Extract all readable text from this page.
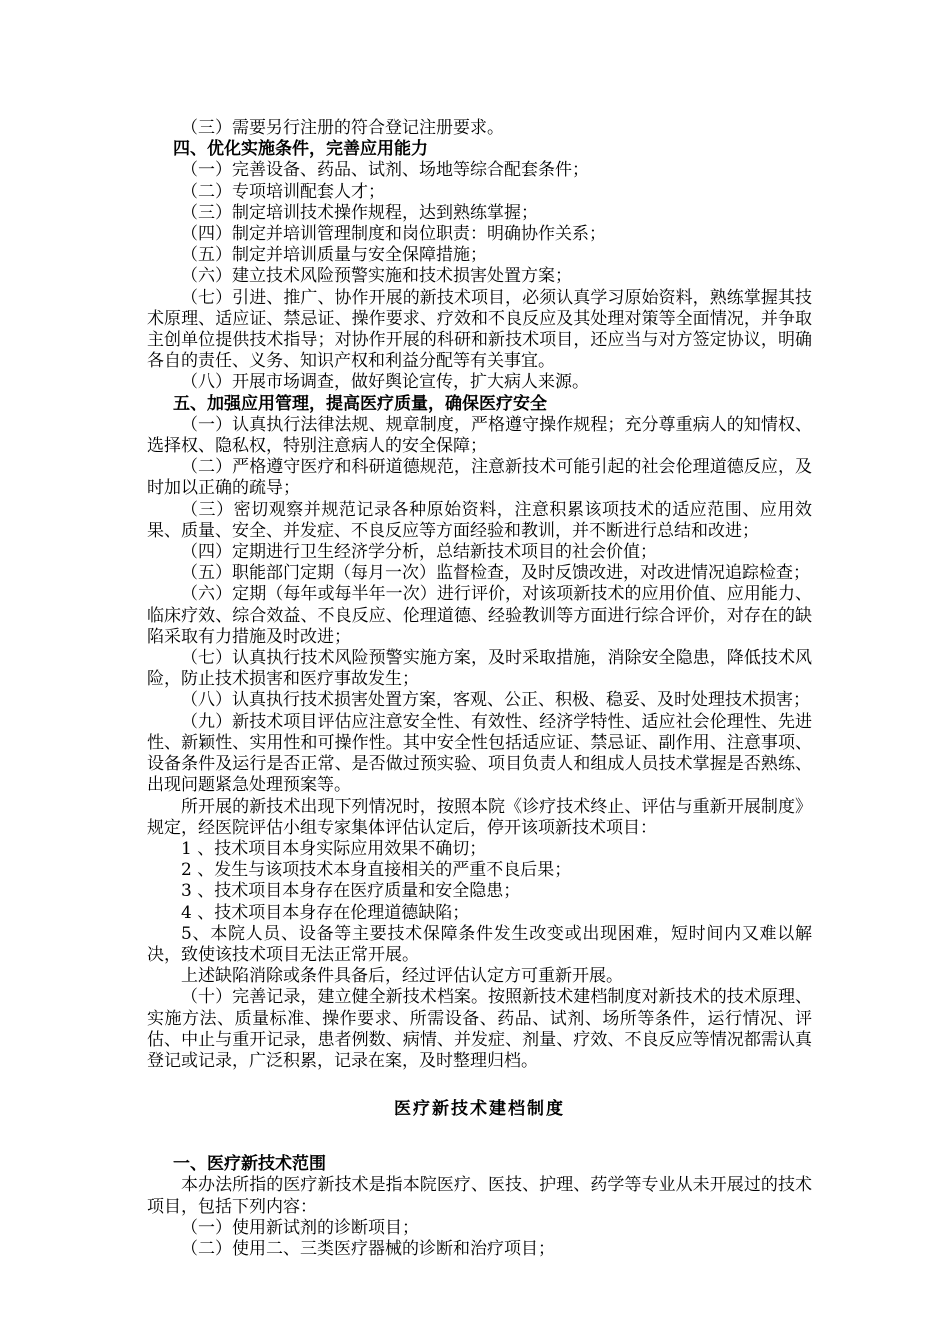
（三）需要另行注册的符合登记注册要求。

四、优化实施条件，完善应用能力

（一）完善设备、药品、试剂、场地等综合配套条件；

（二）专项培训配套人才；

（三）制定培训技术操作规程，达到熟练掌握；

（四）制定并培训管理制度和岗位职责：明确协作关系；

（五）制定并培训质量与安全保障措施；

（六）建立技术风险预警实施和技术损害处置方案；

（七）引进、推广、协作开展的新技术项目，必须认真学习原始资料，熟练掌握其技术原理、适应证、禁忌证、操作要求、疗效和不良反应及其处理对策等全面情况，并争取主创单位提供技术指导；对协作开展的科研和新技术项目，还应当与对方签定协议，明确各自的责任、义务、知识产权和利益分配等有关事宜。

（八）开展市场调查，做好舆论宣传，扩大病人来源。

五、加强应用管理，提高医疗质量，确保医疗安全

（一）认真执行法律法规、规章制度，严格遵守操作规程；充分尊重病人的知情权、选择权、隐私权，特别注意病人的安全保障；

（二）严格遵守医疗和科研道德规范，注意新技术可能引起的社会伦理道德反应，及时加以正确的疏导；

（三）密切观察并规范记录各种原始资料，注意积累该项技术的适应范围、应用效果、质量、安全、并发症、不良反应等方面经验和教训，并不断进行总结和改进；

（四）定期进行卫生经济学分析，总结新技术项目的社会价值；

（五）职能部门定期（每月一次）监督检查，及时反馈改进，对改进情况追踪检查；

（六）定期（每年或每半年一次）进行评价，对该项新技术的应用价值、应用能力、临床疗效、综合效益、不良反应、伦理道德、经验教训等方面进行综合评价，对存在的缺陷采取有力措施及时改进；

（七）认真执行技术风险预警实施方案，及时采取措施，消除安全隐患，降低技术风险，防止技术损害和医疗事故发生；

（八）认真执行技术损害处置方案，客观、公正、积极、稳妥、及时处理技术损害；

（九）新技术项目评估应注意安全性、有效性、经济学特性、适应社会伦理性、先进性、新颖性、实用性和可操作性。其中安全性包括适应证、禁忌证、副作用、注意事项、设备条件及运行是否正常、是否做过预实验、项目负责人和组成人员技术掌握是否熟练、出现问题紧急处理预案等。

所开展的新技术出现下列情况时，按照本院《诊疗技术终止、评估与重新开展制度》规定，经医院评估小组专家集体评估认定后，停开该项新技术项目：

1 、技术项目本身实际应用效果不确切；

2 、发生与该项技术本身直接相关的严重不良后果；

3 、技术项目本身存在医疗质量和安全隐患；

4 、技术项目本身存在伦理道德缺陷；

5、本院人员、设备等主要技术保障条件发生改变或出现困难，短时间内又难以解决，致使该技术项目无法正常开展。

上述缺陷消除或条件具备后，经过评估认定方可重新开展。

（十）完善记录，建立健全新技术档案。按照新技术建档制度对新技术的技术原理、实施方法、质量标准、操作要求、所需设备、药品、试剂、场所等条件，运行情况、评估、中止与重开记录，患者例数、病情、并发症、剂量、疗效、不良反应等情况都需认真登记或记录，广泛积累，记录在案，及时整理归档。

医疗新技术建档制度

一、医疗新技术范围

本办法所指的医疗新技术是指本院医疗、医技、护理、药学等专业从未开展过的技术项目，包括下列内容：

（一）使用新试剂的诊断项目；

（二）使用二、三类医疗器械的诊断和治疗项目；
